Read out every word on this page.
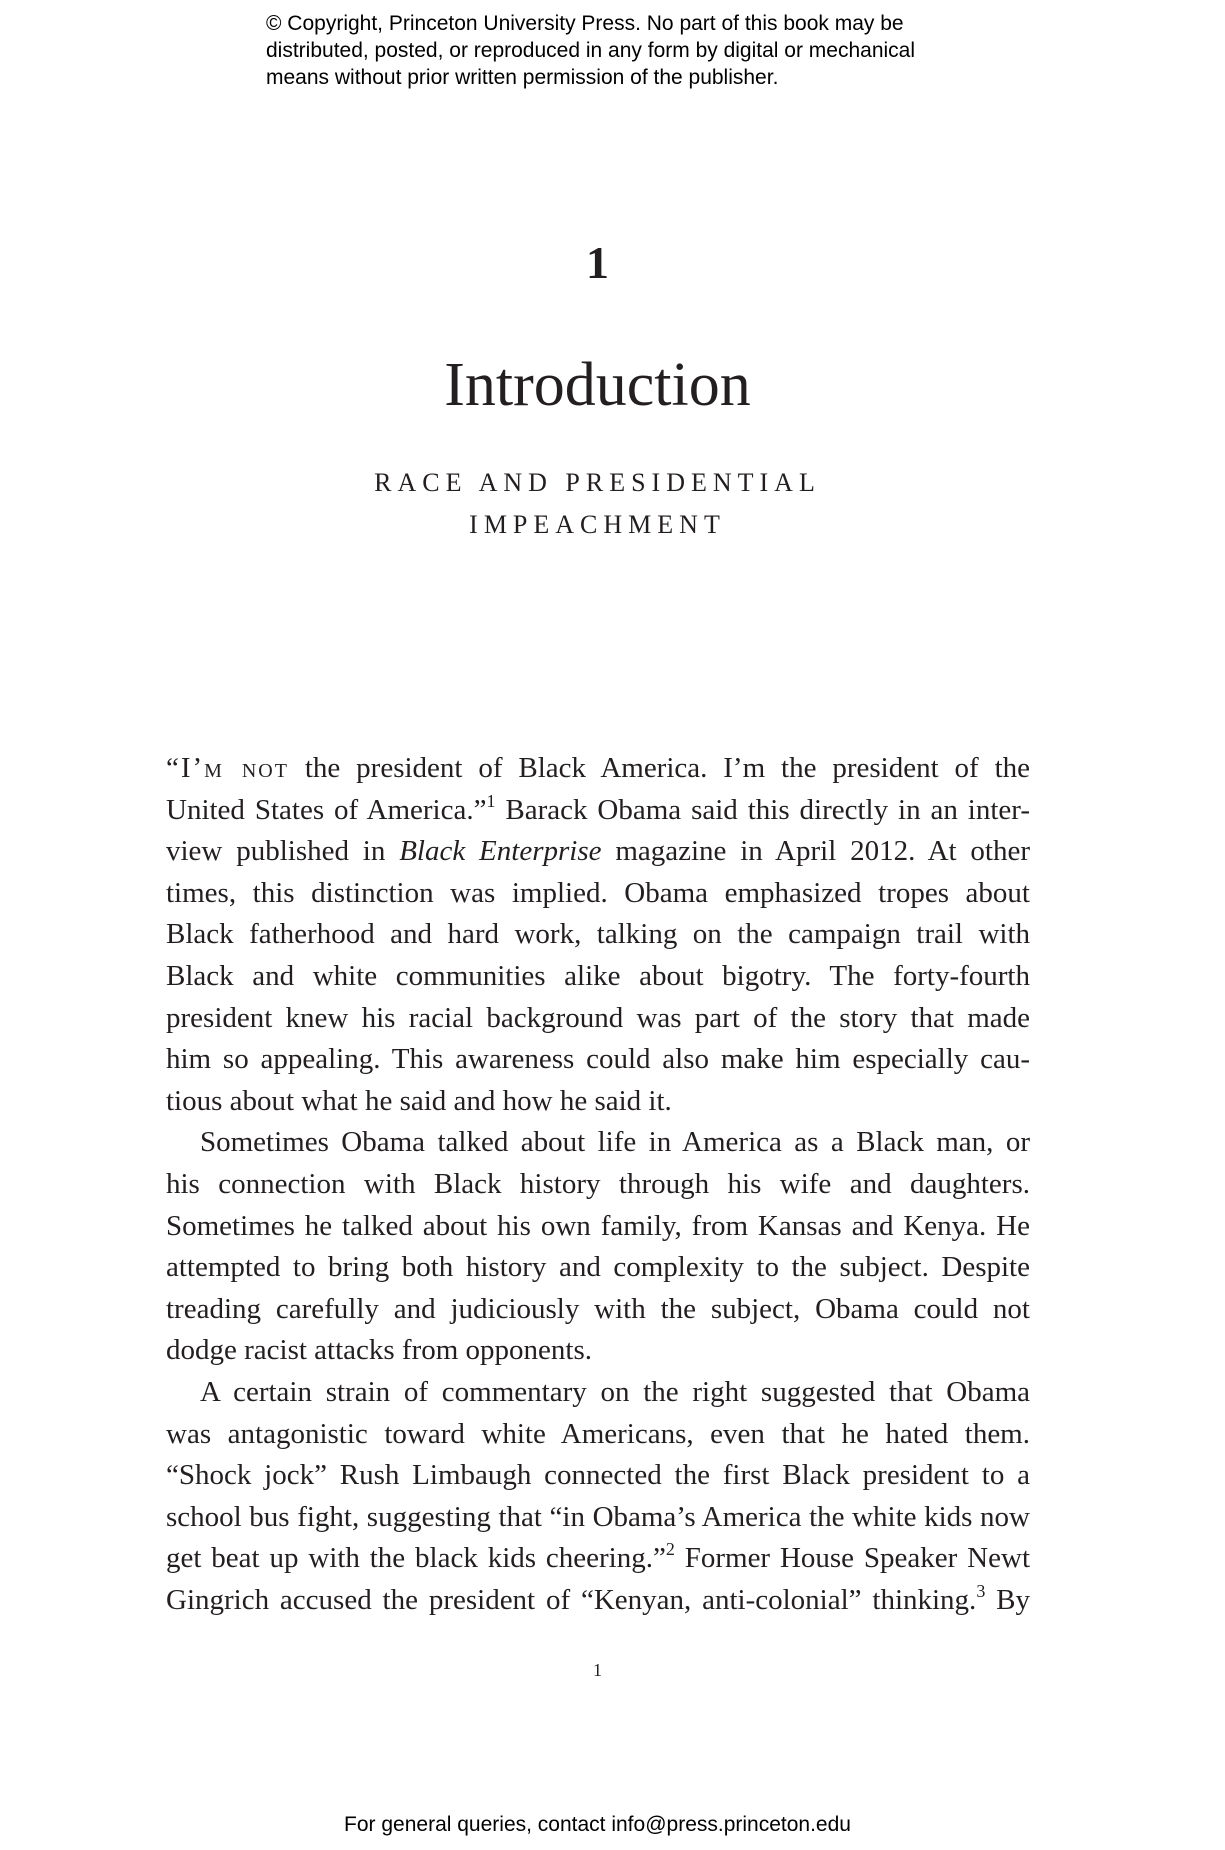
© Copyright, Princeton University Press. No part of this book may be
distributed, posted, or reproduced in any form by digital or mechanical
means without prior written permission of the publisher.
1
Introduction
RACE AND PRESIDENTIAL
IMPEACHMENT
“I’m not the president of Black America. I’m the president of the
United States of America.”$^1$ Barack Obama said this directly in an inter-
view published in Black Enterprise magazine in April 2012. At other
times, this distinction was implied. Obama emphasized tropes about
Black fatherhood and hard work, talking on the campaign trail with
Black and white communities alike about bigotry. The forty-fourth
president knew his racial background was part of the story that made
him so appealing. This awareness could also make him especially cau-
tious about what he said and how he said it.
Sometimes Obama talked about life in America as a Black man, or
his connection with Black history through his wife and daughters.
Sometimes he talked about his own family, from Kansas and Kenya. He
attempted to bring both history and complexity to the subject. Despite
treading carefully and judiciously with the subject, Obama could not
dodge racist attacks from opponents.
A certain strain of commentary on the right suggested that Obama
was antagonistic toward white Americans, even that he hated them.
“Shock jock” Rush Limbaugh connected the first Black president to a
school bus fight, suggesting that “in Obama’s America the white kids now
get beat up with the black kids cheering.”$^2$ Former House Speaker Newt
Gingrich accused the president of “Kenyan, anti-colonial” thinking.$^3$ By
1
For general queries, contact info@press.princeton.edu
